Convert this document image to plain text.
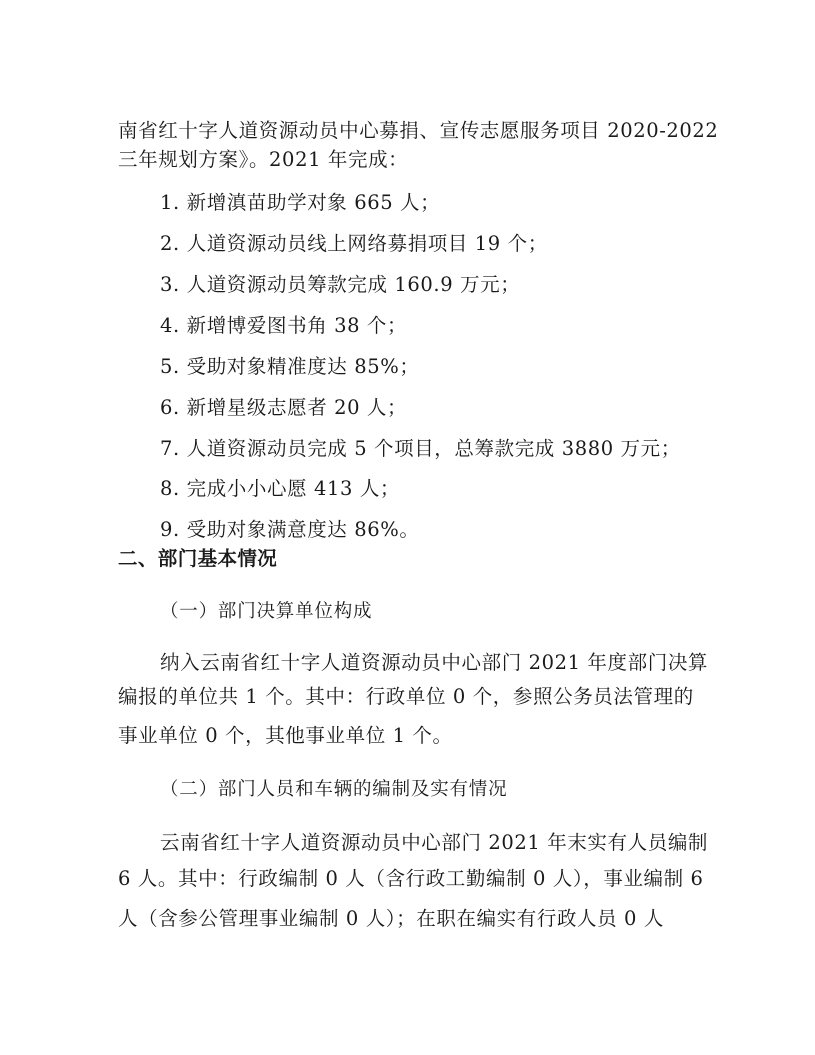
南省红十字人道资源动员中心募捐、宣传志愿服务项目 2020-2022
三年规划方案》。2021 年完成：
1. 新增滇苗助学对象 665 人；
2. 人道资源动员线上网络募捐项目 19 个；
3. 人道资源动员筹款完成 160.9 万元；
4. 新增博爱图书角 38 个；
5. 受助对象精准度达 85%；
6. 新增星级志愿者 20 人；
7. 人道资源动员完成 5 个项目，总筹款完成 3880 万元；
8. 完成小小心愿 413 人；
9. 受助对象满意度达 86%。
二、部门基本情况
（一）部门决算单位构成
纳入云南省红十字人道资源动员中心部门 2021 年度部门决算
编报的单位共 1 个。其中：行政单位 0 个，参照公务员法管理的
事业单位 0 个，其他事业单位 1 个。
（二）部门人员和车辆的编制及实有情况
云南省红十字人道资源动员中心部门 2021 年末实有人员编制
6 人。其中：行政编制 0 人（含行政工勤编制 0 人），事业编制 6
人（含参公管理事业编制 0 人）；在职在编实有行政人员 0 人
